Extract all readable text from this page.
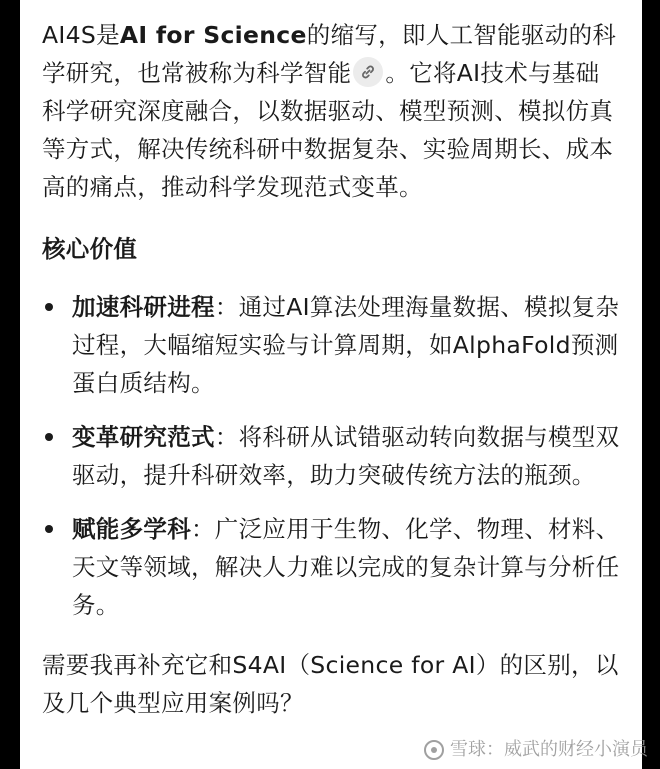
AI4S是AI for Science的缩写，即人工智能驱动的科学研究，也常被称为科学智能 。它将AI技术与基础科学研究深度融合，以数据驱动、模型预测、模拟仿真等方式，解决传统科研中数据复杂、实验周期长、成本高的痛点，推动科学发现范式变革。

核心价值

加速科研进程：通过AI算法处理海量数据、模拟复杂过程，大幅缩短实验与计算周期，如AlphaFold预测蛋白质结构。
变革研究范式：将科研从试错驱动转向数据与模型双驱动，提升科研效率，助力突破传统方法的瓶颈。
赋能多学科：广泛应用于生物、化学、物理、材料、天文等领域，解决人力难以完成的复杂计算与分析任务。

需要我再补充它和S4AI（Science for AI）的区别，以及几个典型应用案例吗？

雪球：威武的财经小演员
